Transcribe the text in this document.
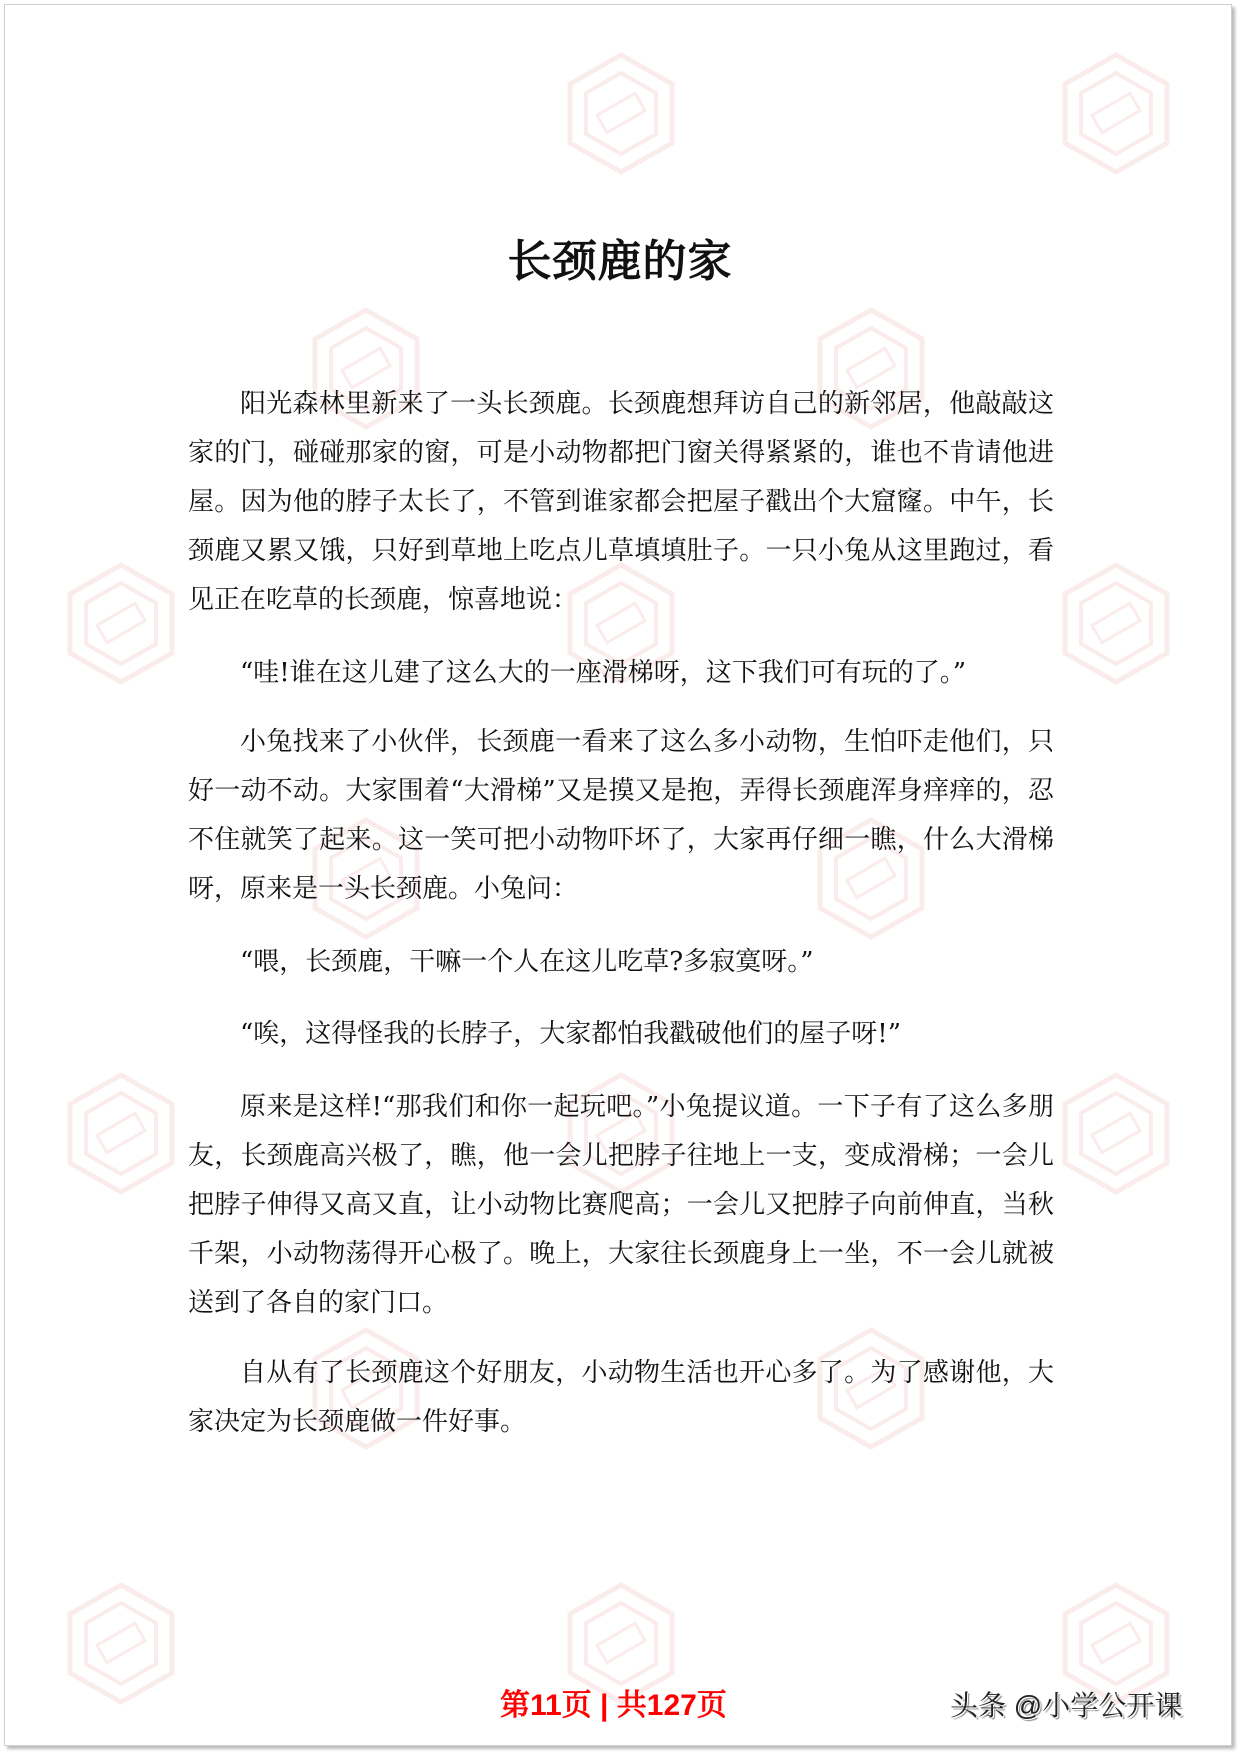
长颈鹿的家

阳光森林里新来了一头长颈鹿。长颈鹿想拜访自己的新邻居，他敲敲这家的门，碰碰那家的窗，可是小动物都把门窗关得紧紧的，谁也不肯请他进屋。因为他的脖子太长了，不管到谁家都会把屋子戳出个大窟窿。中午，长颈鹿又累又饿，只好到草地上吃点儿草填填肚子。一只小兔从这里跑过，看见正在吃草的长颈鹿，惊喜地说：

“哇!谁在这儿建了这么大的一座滑梯呀，这下我们可有玩的了。”

小兔找来了小伙伴，长颈鹿一看来了这么多小动物，生怕吓走他们，只好一动不动。大家围着“大滑梯”又是摸又是抱，弄得长颈鹿浑身痒痒的，忍不住就笑了起来。这一笑可把小动物吓坏了，大家再仔细一瞧，什么大滑梯呀，原来是一头长颈鹿。小兔问：

“喂，长颈鹿，干嘛一个人在这儿吃草?多寂寞呀。”

“唉，这得怪我的长脖子，大家都怕我戳破他们的屋子呀!”

原来是这样!“那我们和你一起玩吧。”小兔提议道。一下子有了这么多朋友，长颈鹿高兴极了，瞧，他一会儿把脖子往地上一支，变成滑梯；一会儿把脖子伸得又高又直，让小动物比赛爬高；一会儿又把脖子向前伸直，当秋千架，小动物荡得开心极了。晚上，大家往长颈鹿身上一坐，不一会儿就被送到了各自的家门口。

自从有了长颈鹿这个好朋友，小动物生活也开心多了。为了感谢他，大家决定为长颈鹿做一件好事。

第11页 | 共127页	头条 @小学公开课
